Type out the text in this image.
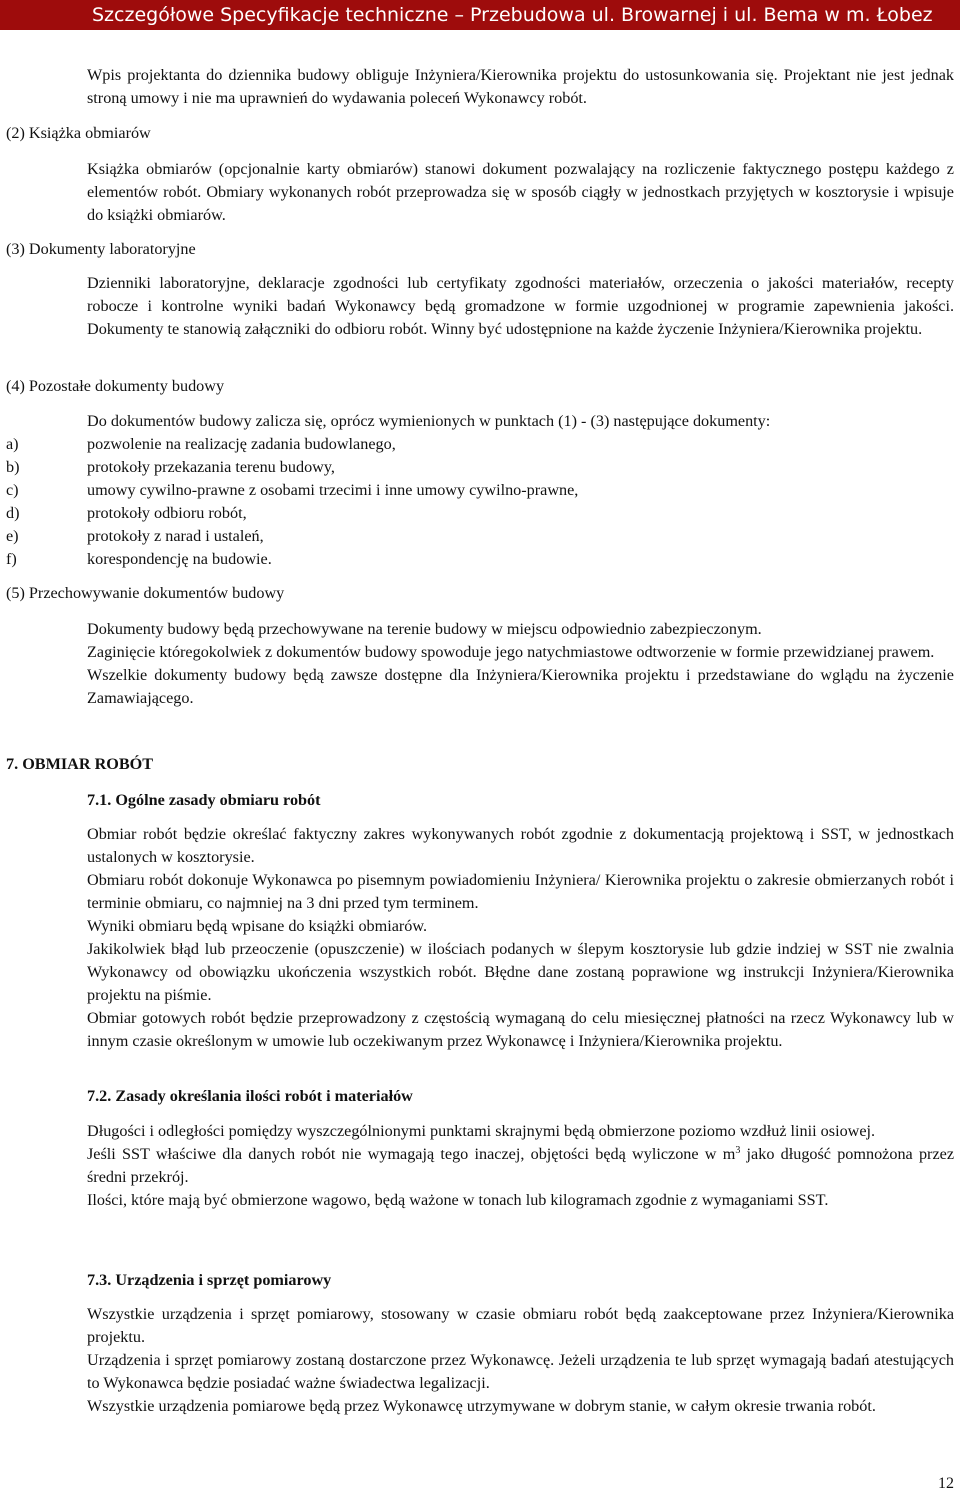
Szczegółowe Specyfikacje techniczne – Przebudowa ul. Browarnej i ul. Bema w m. Łobez
Wpis projektanta do dziennika budowy obliguje Inżyniera/Kierownika projektu do ustosunkowania się. Projektant nie jest jednak stroną umowy i nie ma uprawnień do wydawania poleceń Wykonawcy robót.
(2) Książka obmiarów
Książka obmiarów (opcjonalnie karty obmiarów) stanowi dokument pozwalający na rozliczenie faktycznego postępu każdego z elementów robót. Obmiary wykonanych robót przeprowadza się w sposób ciągły w jednostkach przyjętych w kosztorysie i wpisuje do książki obmiarów.
(3) Dokumenty laboratoryjne
Dzienniki laboratoryjne, deklaracje zgodności lub certyfikaty zgodności materiałów, orzeczenia o jakości materiałów, recepty robocze i kontrolne wyniki badań Wykonawcy będą gromadzone w formie uzgodnionej w programie zapewnienia jakości. Dokumenty te stanowią załączniki do odbioru robót. Winny być udostępnione na każde życzenie Inżyniera/Kierownika projektu.
(4) Pozostałe dokumenty budowy
Do dokumentów budowy zalicza się, oprócz wymienionych w punktach (1) - (3) następujące dokumenty:
a)	pozwolenie na realizację zadania budowlanego,
b)	protokoły przekazania terenu budowy,
c)	umowy cywilno-prawne z osobami trzecimi i inne umowy cywilno-prawne,
d)	protokoły odbioru robót,
e)	protokoły z narad i ustaleń,
f)	korespondencję na budowie.
(5) Przechowywanie dokumentów budowy
Dokumenty budowy będą przechowywane na terenie budowy w miejscu odpowiednio zabezpieczonym.
Zaginięcie któregokolwiek z dokumentów budowy spowoduje jego natychmiastowe odtworzenie w formie przewidzianej prawem.
Wszelkie dokumenty budowy będą zawsze dostępne dla Inżyniera/Kierownika projektu i przedstawiane do wglądu na życzenie Zamawiającego.
7. OBMIAR ROBÓT
7.1. Ogólne zasady obmiaru robót
Obmiar robót będzie określać faktyczny zakres wykonywanych robót zgodnie z dokumentacją projektową i SST, w jednostkach ustalonych w kosztorysie.
Obmiaru robót dokonuje Wykonawca po pisemnym powiadomieniu Inżyniera/ Kierownika projektu o zakresie obmierzanych robót i terminie obmiaru, co najmniej na 3 dni przed tym terminem.
Wyniki obmiaru będą wpisane do książki obmiarów.
Jakikolwiek błąd lub przeoczenie (opuszczenie) w ilościach podanych w ślepym kosztorysie lub gdzie indziej w SST nie zwalnia Wykonawcy od obowiązku ukończenia wszystkich robót. Błędne dane zostaną poprawione wg instrukcji Inżyniera/Kierownika projektu na piśmie.
Obmiar gotowych robót będzie przeprowadzony z częstością wymaganą do celu miesięcznej płatności na rzecz Wykonawcy lub w innym czasie określonym w umowie lub oczekiwanym przez Wykonawcę i Inżyniera/Kierownika projektu.
7.2. Zasady określania ilości robót i materiałów
Długości i odległości pomiędzy wyszczególnionymi punktami skrajnymi będą obmierzone poziomo wzdłuż linii osiowej.
Jeśli SST właściwe dla danych robót nie wymagają tego inaczej, objętości będą wyliczone w $m^3$ jako długość pomnożona przez średni przekrój.
Ilości, które mają być obmierzone wagowo, będą ważone w tonach lub kilogramach zgodnie z wymaganiami SST.
7.3. Urządzenia i sprzęt pomiarowy
Wszystkie urządzenia i sprzęt pomiarowy, stosowany w czasie obmiaru robót będą zaakceptowane przez Inżyniera/Kierownika projektu.
Urządzenia i sprzęt pomiarowy zostaną dostarczone przez Wykonawcę. Jeżeli urządzenia te lub sprzęt wymagają badań atestujących to Wykonawca będzie posiadać ważne świadectwa legalizacji.
Wszystkie urządzenia pomiarowe będą przez Wykonawcę utrzymywane w dobrym stanie, w całym okresie trwania robót.
12
